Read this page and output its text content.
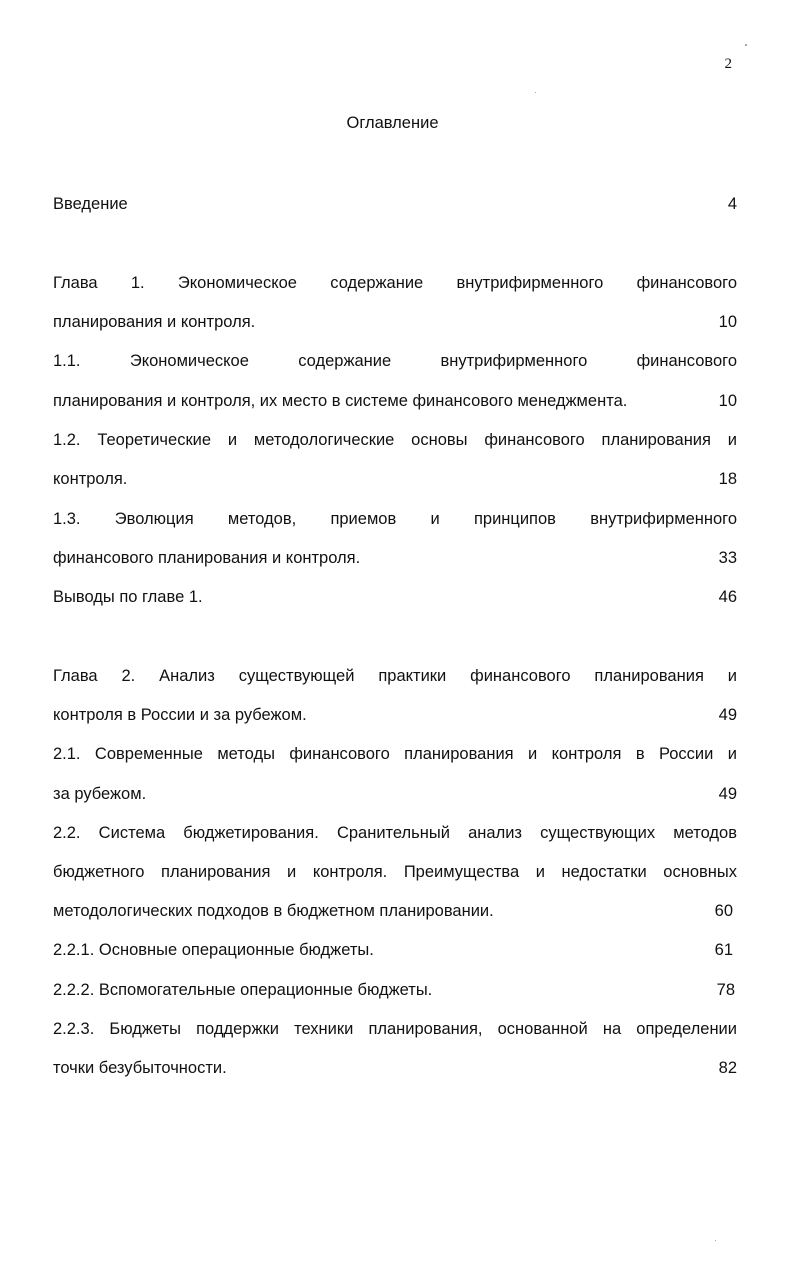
2
Оглавление
Введение	4
Глава 1. Экономическое содержание внутрифирменного финансового
планирования и контроля.	10
1.1. Экономическое содержание внутрифирменного финансового
планирования и контроля, их место в системе финансового менеджмента.	10
1.2. Теоретические и методологические основы финансового планирования и
контроля.	18
1.3. Эволюция методов, приемов и принципов внутрифирменного
финансового планирования и контроля.	33
Выводы по главе 1.	46
Глава 2. Анализ существующей практики финансового планирования и
контроля в России и за рубежом.	49
2.1. Современные методы финансового планирования и контроля в России и
за рубежом.	49
2.2. Система бюджетирования. Сранительный анализ существующих методов
бюджетного планирования и контроля. Преимущества и недостатки основных
методологических подходов в бюджетном планировании.	60
2.2.1. Основные операционные бюджеты.	61
2.2.2. Вспомогательные операционные бюджеты.	78
2.2.3. Бюджеты поддержки техники планирования, основанной на определении
точки безубыточности.	82
